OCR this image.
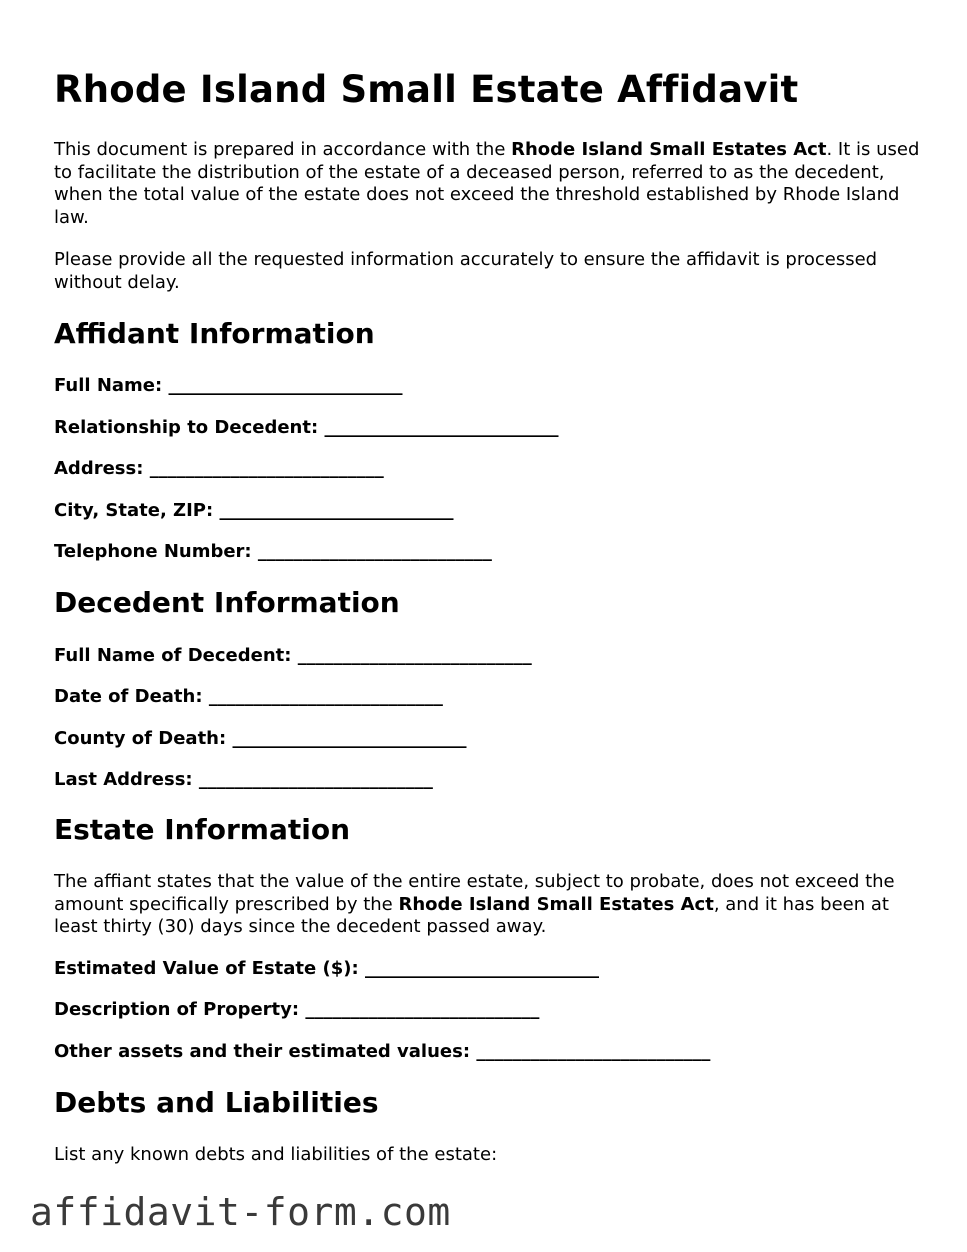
Rhode Island Small Estate Affidavit

This document is prepared in accordance with the Rhode Island Small Estates Act. It is used to facilitate the distribution of the estate of a deceased person, referred to as the decedent, when the total value of the estate does not exceed the threshold established by Rhode Island law.

Please provide all the requested information accurately to ensure the affidavit is processed without delay.

Affidant Information

Full Name: __________________________

Relationship to Decedent: __________________________

Address: __________________________

City, State, ZIP: __________________________

Telephone Number: __________________________

Decedent Information

Full Name of Decedent: __________________________

Date of Death: __________________________

County of Death: __________________________

Last Address: __________________________

Estate Information

The affiant states that the value of the entire estate, subject to probate, does not exceed the amount specifically prescribed by the Rhode Island Small Estates Act, and it has been at least thirty (30) days since the decedent passed away.

Estimated Value of Estate ($): __________________________

Description of Property: __________________________

Other assets and their estimated values: __________________________

Debts and Liabilities

List any known debts and liabilities of the estate:

affidavit-form.com
